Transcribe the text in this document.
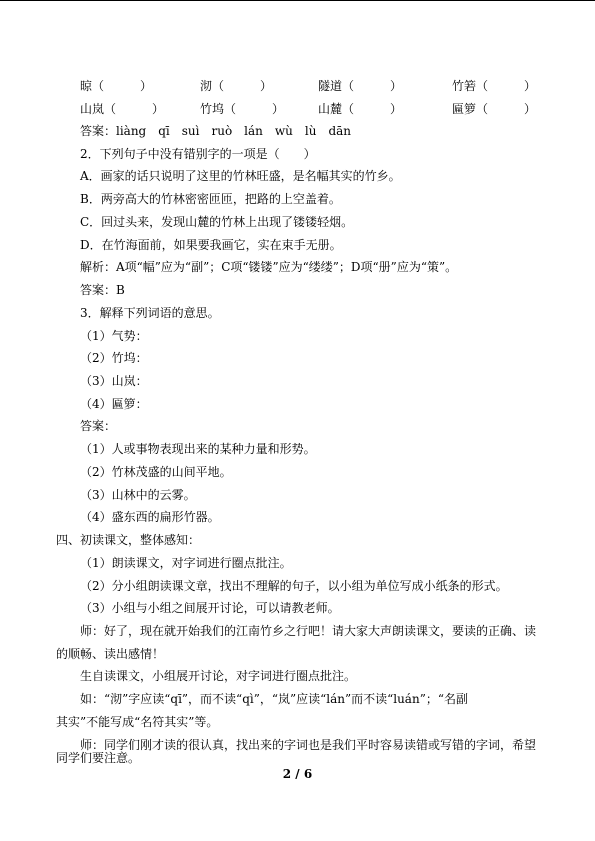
晾（　　　）	沏（　　　）	隧道（　　　）	竹箬（　　　）
山岚（　　　）	竹坞（　　　）	山麓（　　　）	匾箩（　　　）
答案：liàng　qī　suì　ruò　lán　wù　lù　dān
2．下列句子中没有错别字的一项是（　　）
A．画家的话只说明了这里的竹林旺盛，是名幅其实的竹乡。
B．两旁高大的竹林密密匝匝，把路的上空盖着。
C．回过头来，发现山麓的竹林上出现了镂镂轻烟。
D．在竹海面前，如果要我画它，实在束手无册。
解析：A项“幅”应为“副”；C项“镂镂”应为“缕缕”；D项“册”应为“策”。
答案：B
3．解释下列词语的意思。
（1）气势：
（2）竹坞：
（3）山岚：
（4）匾箩：
答案：
（1）人或事物表现出来的某种力量和形势。
（2）竹林茂盛的山间平地。
（3）山林中的云雾。
（4）盛东西的扁形竹器。
四、初读课文，整体感知：
（1）朗读课文，对字词进行圈点批注。
（2）分小组朗读课文章，找出不理解的句子，以小组为单位写成小纸条的形式。
（3）小组与小组之间展开讨论，可以请教老师。
师：好了，现在就开始我们的江南竹乡之行吧！请大家大声朗读课文，要读的正确、读
的顺畅、读出感情！
生自读课文，小组展开讨论，对字词进行圈点批注。
如：“沏”字应读“qī”，而不读“qì”，“岚”应读“lán”而不读“luán”；“名副
其实”不能写成“名符其实”等。
师：同学们刚才读的很认真，找出来的字词也是我们平时容易读错或写错的字词，希望
同学们要注意。
2 / 6
